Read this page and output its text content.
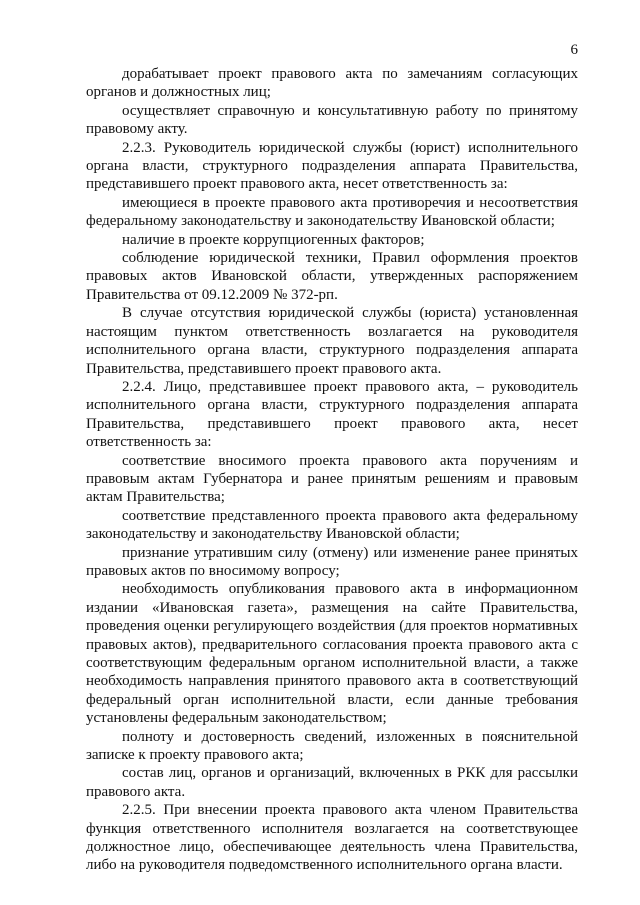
6

дорабатывает проект правового акта по замечаниям согласующих органов и должностных лиц;

осуществляет справочную и консультативную работу по принятому правовому акту.

2.2.3. Руководитель юридической службы (юрист) исполнительного органа власти, структурного подразделения аппарата Правительства, представившего проект правового акта, несет ответственность за:

имеющиеся в проекте правового акта противоречия и несоответствия федеральному законодательству и законодательству Ивановской области;

наличие в проекте коррупциогенных факторов;

соблюдение юридической техники, Правил оформления проектов правовых актов Ивановской области, утвержденных распоряжением Правительства от 09.12.2009 № 372-рп.

В случае отсутствия юридической службы (юриста) установленная настоящим пунктом ответственность возлагается на руководителя исполнительного органа власти, структурного подразделения аппарата Правительства, представившего проект правового акта.

2.2.4. Лицо, представившее проект правового акта, – руководитель исполнительного органа власти, структурного подразделения аппарата Правительства, представившего проект правового акта, несет ответственность за:

соответствие вносимого проекта правового акта поручениям и правовым актам Губернатора и ранее принятым решениям и правовым актам Правительства;

соответствие представленного проекта правового акта федеральному законодательству и законодательству Ивановской области;

признание утратившим силу (отмену) или изменение ранее принятых правовых актов по вносимому вопросу;

необходимость опубликования правового акта в информационном издании «Ивановская газета», размещения на сайте Правительства, проведения оценки регулирующего воздействия (для проектов нормативных правовых актов), предварительного согласования проекта правового акта с соответствующим федеральным органом исполнительной власти, а также необходимость направления принятого правового акта в соответствующий федеральный орган исполнительной власти, если данные требования установлены федеральным законодательством;

полноту и достоверность сведений, изложенных в пояснительной записке к проекту правового акта;

состав лиц, органов и организаций, включенных в РКК для рассылки правового акта.

2.2.5. При внесении проекта правового акта членом Правительства функция ответственного исполнителя возлагается на соответствующее должностное лицо, обеспечивающее деятельность члена Правительства, либо на руководителя подведомственного исполнительного органа власти.
